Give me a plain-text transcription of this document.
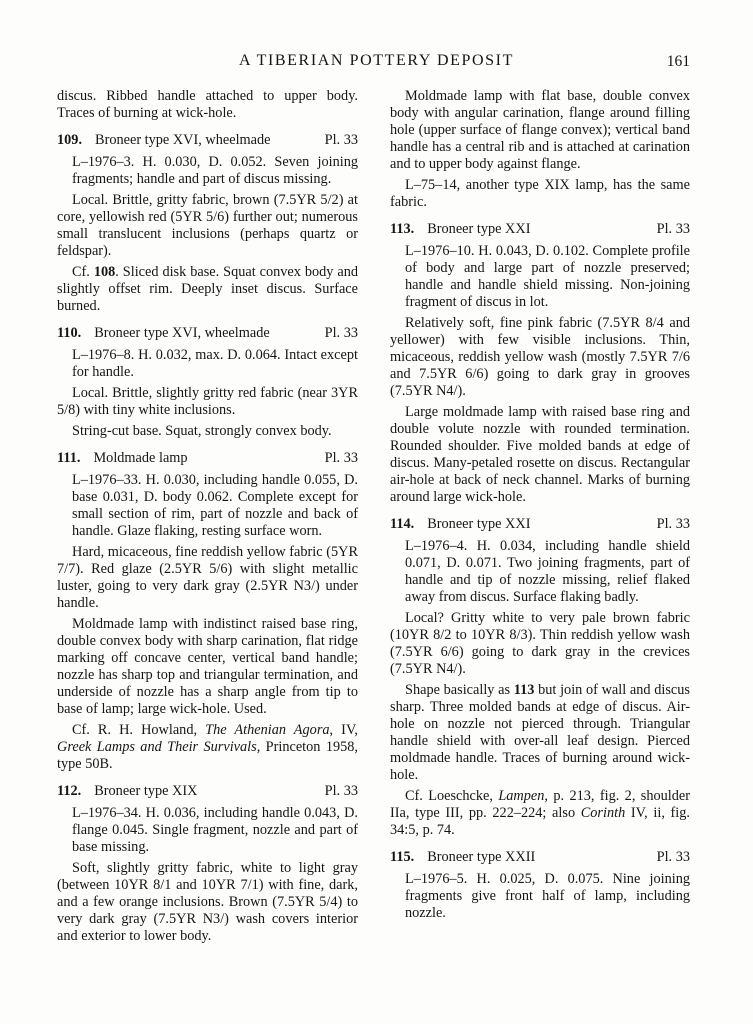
A TIBERIAN POTTERY DEPOSIT	161

discus. Ribbed handle attached to upper body. Traces of burning at wick-hole.

109. Broneer type XVI, wheelmade	Pl. 33

L–1976–3. H. 0.030, D. 0.052. Seven joining fragments; handle and part of discus missing.

Local. Brittle, gritty fabric, brown (7.5YR 5/2) at core, yellowish red (5YR 5/6) further out; numerous small translucent inclusions (perhaps quartz or feldspar).

Cf. 108. Sliced disk base. Squat convex body and slightly offset rim. Deeply inset discus. Surface burned.

110. Broneer type XVI, wheelmade	Pl. 33

L–1976–8. H. 0.032, max. D. 0.064. Intact except for handle.

Local. Brittle, slightly gritty red fabric (near 3YR 5/8) with tiny white inclusions.

String-cut base. Squat, strongly convex body.

111. Moldmade lamp	Pl. 33

L–1976–33. H. 0.030, including handle 0.055, D. base 0.031, D. body 0.062. Complete except for small section of rim, part of nozzle and back of handle. Glaze flaking, resting surface worn.

Hard, micaceous, fine reddish yellow fabric (5YR 7/7). Red glaze (2.5YR 5/6) with slight metallic luster, going to very dark gray (2.5YR N3/) under handle.

Moldmade lamp with indistinct raised base ring, double convex body with sharp carination, flat ridge marking off concave center, vertical band handle; nozzle has sharp top and triangular termination, and underside of nozzle has a sharp angle from tip to base of lamp; large wick-hole. Used.

Cf. R. H. Howland, The Athenian Agora, IV, Greek Lamps and Their Survivals, Princeton 1958, type 50B.

112. Broneer type XIX	Pl. 33

L–1976–34. H. 0.036, including handle 0.043, D. flange 0.045. Single fragment, nozzle and part of base missing.

Soft, slightly gritty fabric, white to light gray (between 10YR 8/1 and 10YR 7/1) with fine, dark, and a few orange inclusions. Brown (7.5YR 5/4) to very dark gray (7.5YR N3/) wash covers interior and exterior to lower body.

Moldmade lamp with flat base, double convex body with angular carination, flange around filling hole (upper surface of flange convex); vertical band handle has a central rib and is attached at carination and to upper body against flange.

L–75–14, another type XIX lamp, has the same fabric.

113. Broneer type XXI	Pl. 33

L–1976–10. H. 0.043, D. 0.102. Complete profile of body and large part of nozzle preserved; handle and handle shield missing. Non-joining fragment of discus in lot.

Relatively soft, fine pink fabric (7.5YR 8/4 and yellower) with few visible inclusions. Thin, micaceous, reddish yellow wash (mostly 7.5YR 7/6 and 7.5YR 6/6) going to dark gray in grooves (7.5YR N4/).

Large moldmade lamp with raised base ring and double volute nozzle with rounded termination. Rounded shoulder. Five molded bands at edge of discus. Many-petaled rosette on discus. Rectangular air-hole at back of neck channel. Marks of burning around large wick-hole.

114. Broneer type XXI	Pl. 33

L–1976–4. H. 0.034, including handle shield 0.071, D. 0.071. Two joining fragments, part of handle and tip of nozzle missing, relief flaked away from discus. Surface flaking badly.

Local? Gritty white to very pale brown fabric (10YR 8/2 to 10YR 8/3). Thin reddish yellow wash (7.5YR 6/6) going to dark gray in the crevices (7.5YR N4/).

Shape basically as 113 but join of wall and discus sharp. Three molded bands at edge of discus. Air-hole on nozzle not pierced through. Triangular handle shield with over-all leaf design. Pierced moldmade handle. Traces of burning around wick-hole.

Cf. Loeschcke, Lampen, p. 213, fig. 2, shoulder IIa, type III, pp. 222–224; also Corinth IV, ii, fig. 34:5, p. 74.

115. Broneer type XXII	Pl. 33

L–1976–5. H. 0.025, D. 0.075. Nine joining fragments give front half of lamp, including nozzle.
